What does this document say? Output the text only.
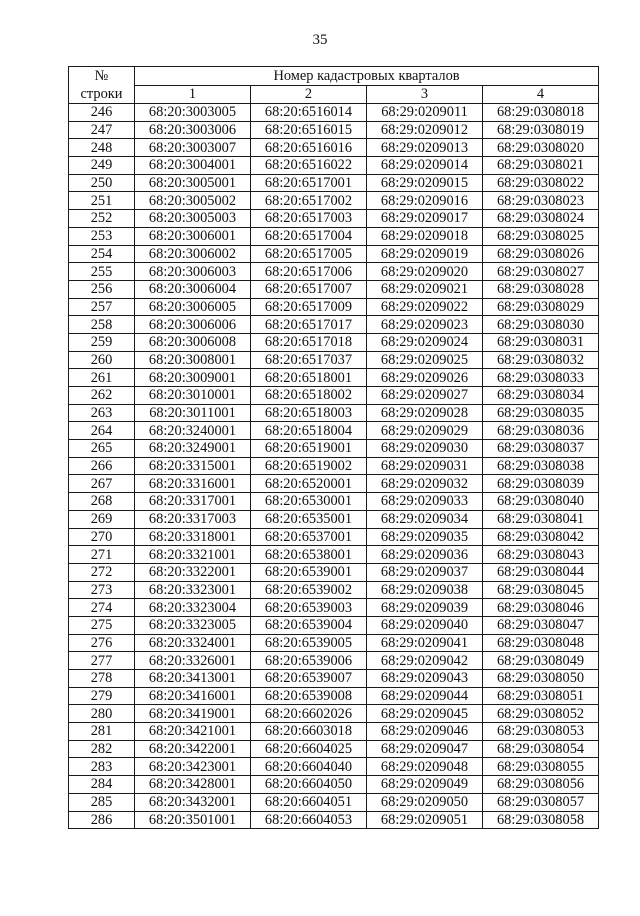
35
№
строки	Номер кадастровых кварталов			
	1	2	3	4
246	68:20:3003005	68:20:6516014	68:29:0209011	68:29:0308018
247	68:20:3003006	68:20:6516015	68:29:0209012	68:29:0308019
248	68:20:3003007	68:20:6516016	68:29:0209013	68:29:0308020
249	68:20:3004001	68:20:6516022	68:29:0209014	68:29:0308021
250	68:20:3005001	68:20:6517001	68:29:0209015	68:29:0308022
251	68:20:3005002	68:20:6517002	68:29:0209016	68:29:0308023
252	68:20:3005003	68:20:6517003	68:29:0209017	68:29:0308024
253	68:20:3006001	68:20:6517004	68:29:0209018	68:29:0308025
254	68:20:3006002	68:20:6517005	68:29:0209019	68:29:0308026
255	68:20:3006003	68:20:6517006	68:29:0209020	68:29:0308027
256	68:20:3006004	68:20:6517007	68:29:0209021	68:29:0308028
257	68:20:3006005	68:20:6517009	68:29:0209022	68:29:0308029
258	68:20:3006006	68:20:6517017	68:29:0209023	68:29:0308030
259	68:20:3006008	68:20:6517018	68:29:0209024	68:29:0308031
260	68:20:3008001	68:20:6517037	68:29:0209025	68:29:0308032
261	68:20:3009001	68:20:6518001	68:29:0209026	68:29:0308033
262	68:20:3010001	68:20:6518002	68:29:0209027	68:29:0308034
263	68:20:3011001	68:20:6518003	68:29:0209028	68:29:0308035
264	68:20:3240001	68:20:6518004	68:29:0209029	68:29:0308036
265	68:20:3249001	68:20:6519001	68:29:0209030	68:29:0308037
266	68:20:3315001	68:20:6519002	68:29:0209031	68:29:0308038
267	68:20:3316001	68:20:6520001	68:29:0209032	68:29:0308039
268	68:20:3317001	68:20:6530001	68:29:0209033	68:29:0308040
269	68:20:3317003	68:20:6535001	68:29:0209034	68:29:0308041
270	68:20:3318001	68:20:6537001	68:29:0209035	68:29:0308042
271	68:20:3321001	68:20:6538001	68:29:0209036	68:29:0308043
272	68:20:3322001	68:20:6539001	68:29:0209037	68:29:0308044
273	68:20:3323001	68:20:6539002	68:29:0209038	68:29:0308045
274	68:20:3323004	68:20:6539003	68:29:0209039	68:29:0308046
275	68:20:3323005	68:20:6539004	68:29:0209040	68:29:0308047
276	68:20:3324001	68:20:6539005	68:29:0209041	68:29:0308048
277	68:20:3326001	68:20:6539006	68:29:0209042	68:29:0308049
278	68:20:3413001	68:20:6539007	68:29:0209043	68:29:0308050
279	68:20:3416001	68:20:6539008	68:29:0209044	68:29:0308051
280	68:20:3419001	68:20:6602026	68:29:0209045	68:29:0308052
281	68:20:3421001	68:20:6603018	68:29:0209046	68:29:0308053
282	68:20:3422001	68:20:6604025	68:29:0209047	68:29:0308054
283	68:20:3423001	68:20:6604040	68:29:0209048	68:29:0308055
284	68:20:3428001	68:20:6604050	68:29:0209049	68:29:0308056
285	68:20:3432001	68:20:6604051	68:29:0209050	68:29:0308057
286	68:20:3501001	68:20:6604053	68:29:0209051	68:29:0308058
